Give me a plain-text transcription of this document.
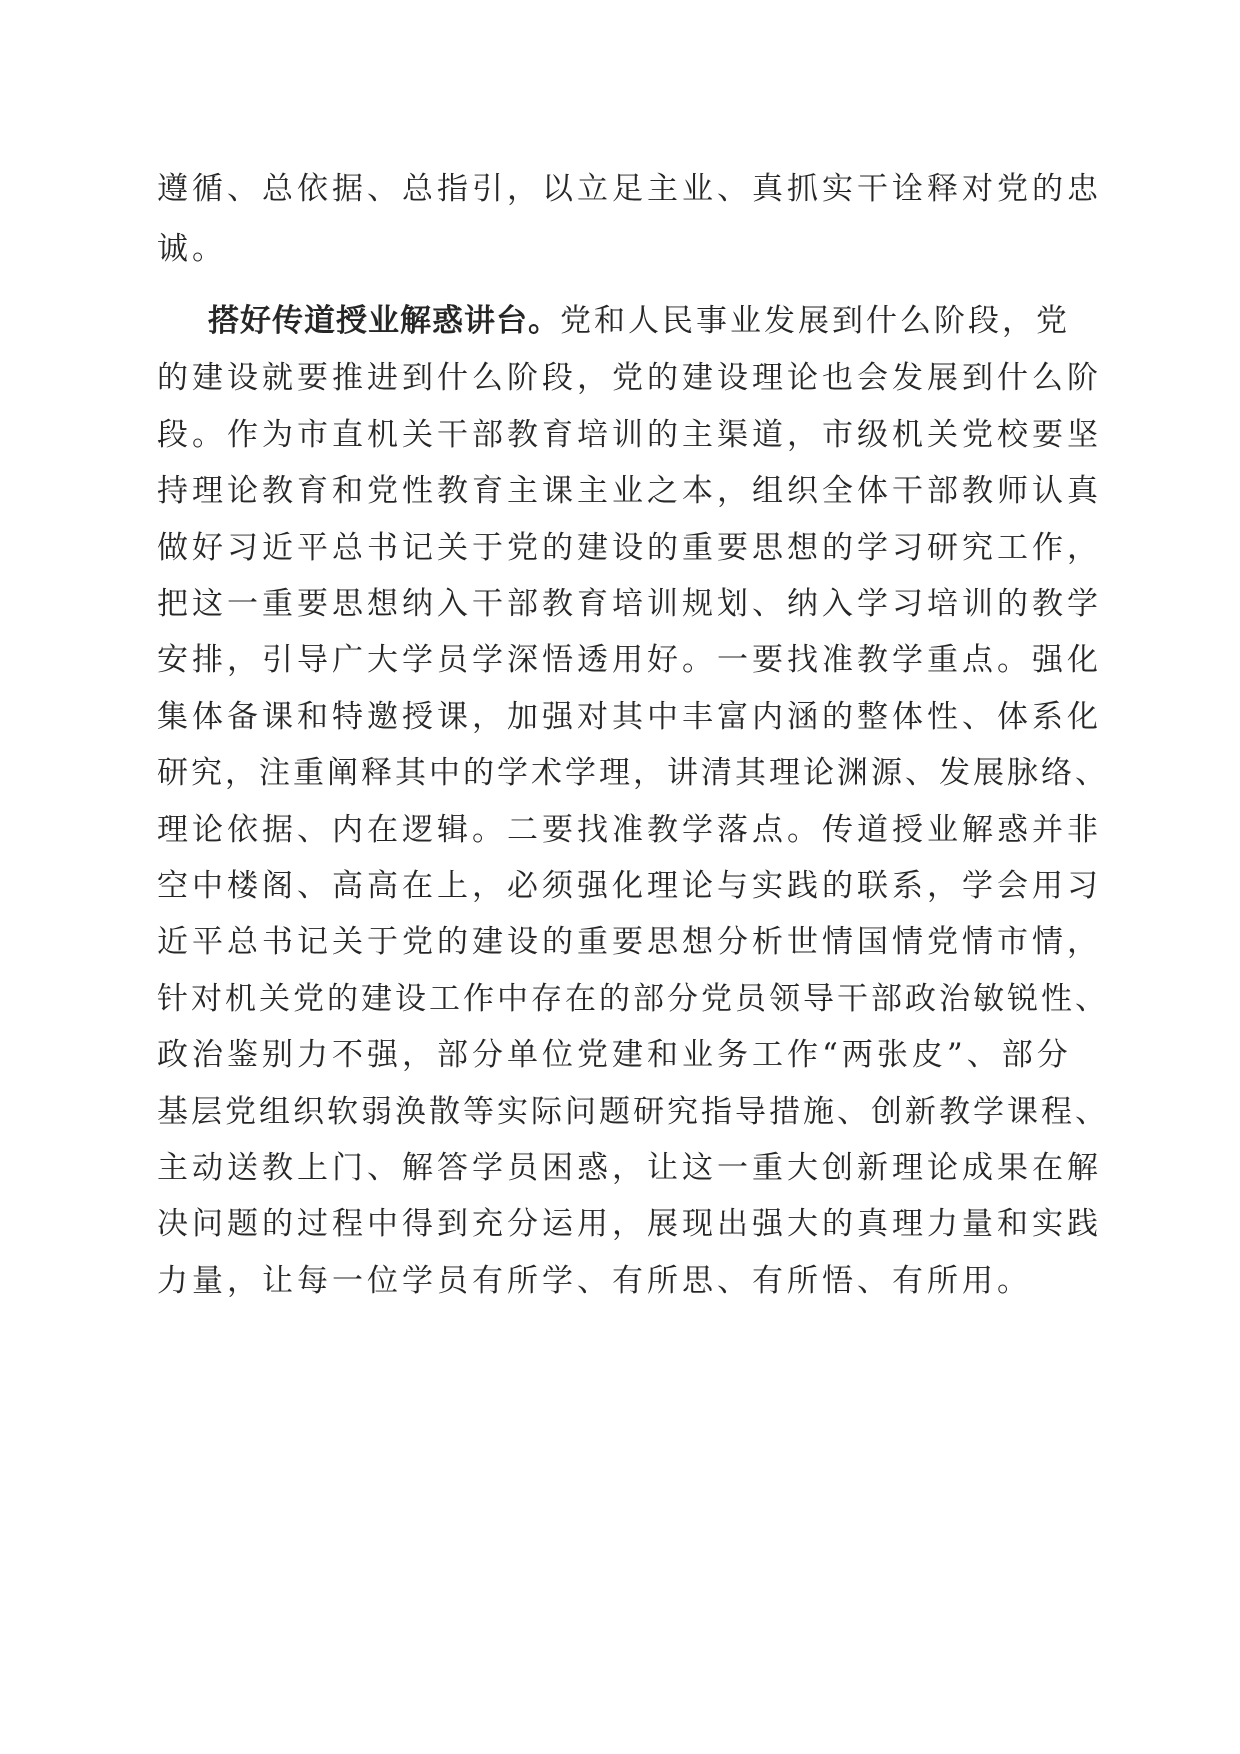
遵循、总依据、总指引，以立足主业、真抓实干诠释对党的忠
诚。
搭好传道授业解惑讲台。党和人民事业发展到什么阶段，党
的建设就要推进到什么阶段，党的建设理论也会发展到什么阶
段。作为市直机关干部教育培训的主渠道，市级机关党校要坚
持理论教育和党性教育主课主业之本，组织全体干部教师认真
做好习近平总书记关于党的建设的重要思想的学习研究工作，
把这一重要思想纳入干部教育培训规划、纳入学习培训的教学
安排，引导广大学员学深悟透用好。一要找准教学重点。强化
集体备课和特邀授课，加强对其中丰富内涵的整体性、体系化
研究，注重阐释其中的学术学理，讲清其理论渊源、发展脉络、
理论依据、内在逻辑。二要找准教学落点。传道授业解惑并非
空中楼阁、高高在上，必须强化理论与实践的联系，学会用习
近平总书记关于党的建设的重要思想分析世情国情党情市情，
针对机关党的建设工作中存在的部分党员领导干部政治敏锐性、
政治鉴别力不强，部分单位党建和业务工作“两张皮”、部分
基层党组织软弱涣散等实际问题研究指导措施、创新教学课程、
主动送教上门、解答学员困惑，让这一重大创新理论成果在解
决问题的过程中得到充分运用，展现出强大的真理力量和实践
力量，让每一位学员有所学、有所思、有所悟、有所用。
